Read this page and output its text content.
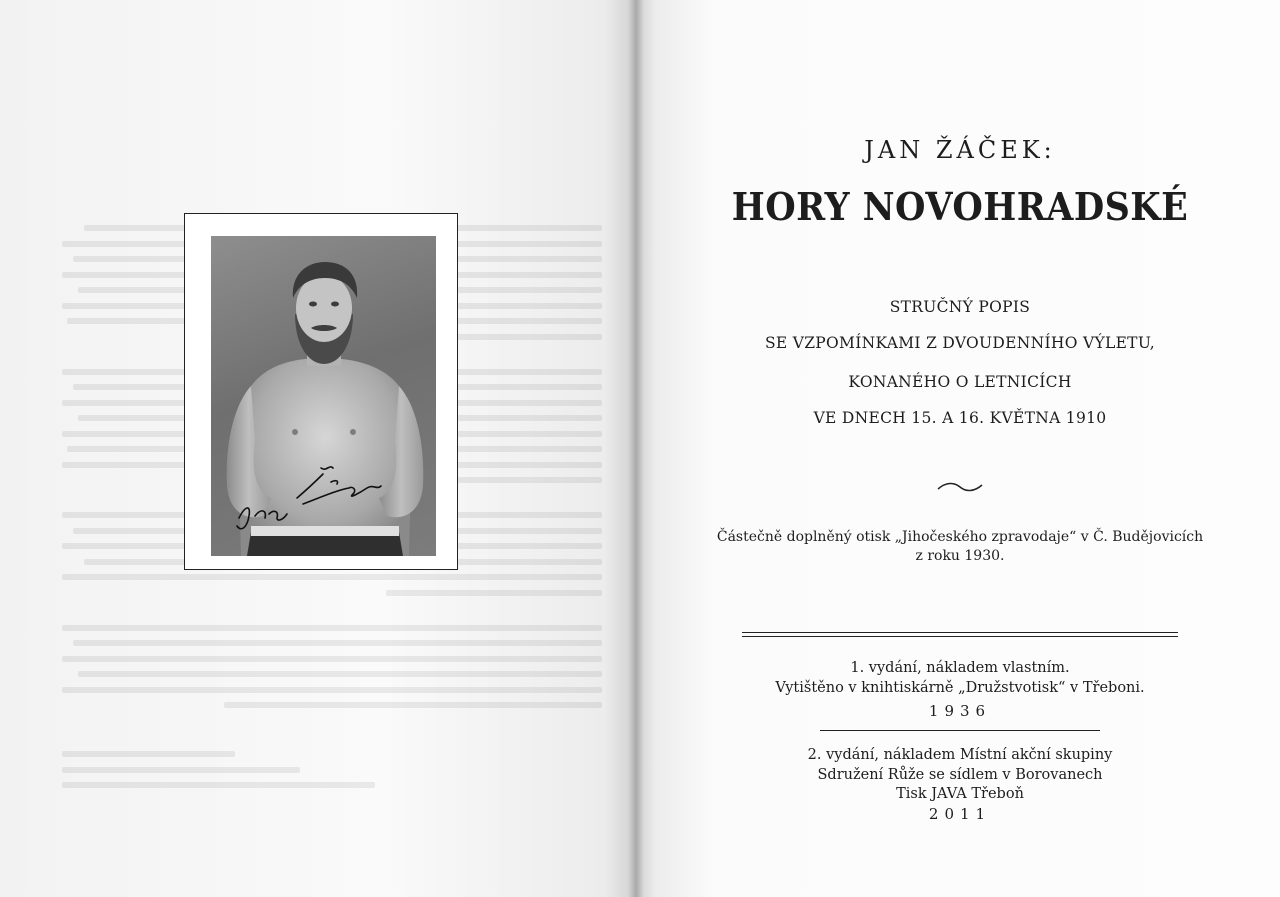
JAN ŽÁČEK:
HORY NOVOHRADSKÉ
STRUČNÝ POPIS
SE VZPOMÍNKAMI Z DVOUDENNÍHO VÝLETU,
KONANÉHO O LETNICÍCH
VE DNECH 15. A 16. KVĚTNA 1910
Částečně doplněný otisk „Jihočeského zpravodaje“ v Č. Budějovicích
z roku 1930.
1. vydání, nákladem vlastním.
Vytištěno v knihtiskárně „Družstvotisk“ v Třeboni.
1936
2. vydání, nákladem Místní akční skupiny
Sdružení Růže se sídlem v Borovanech
Tisk JAVA Třeboň
2011
